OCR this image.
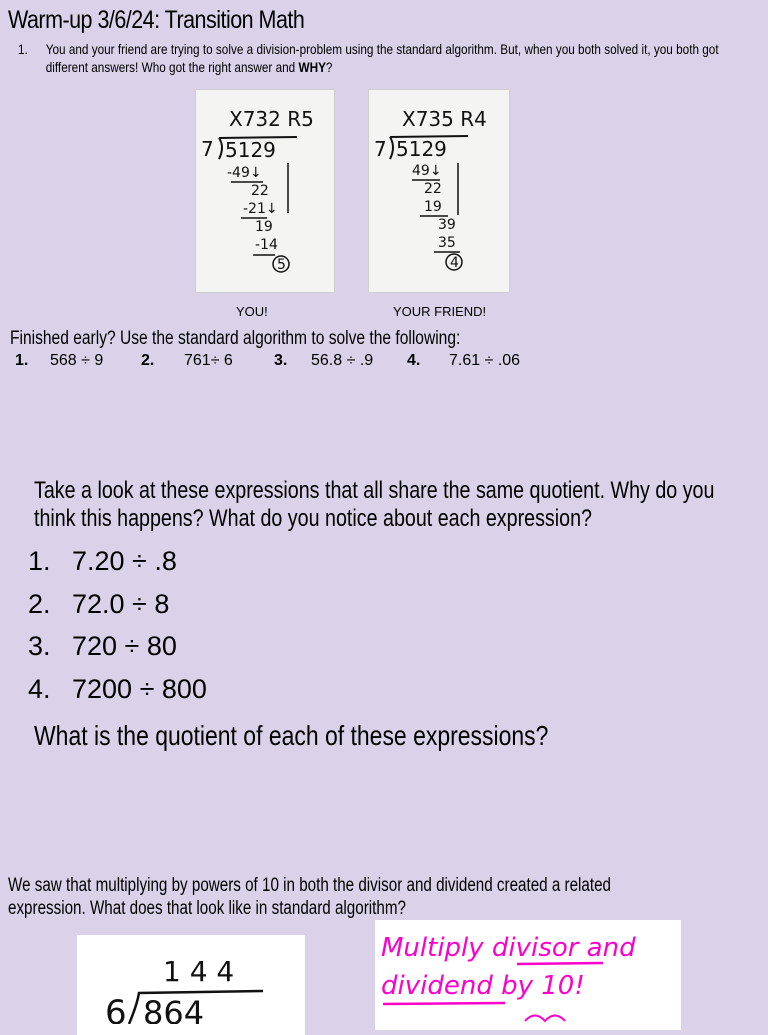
Warm-up 3/6/24: Transition Math
1. You and your friend are trying to solve a division-problem using the standard algorithm. But, when you both solved it, you both got different answers! Who got the right answer and WHY?
X732 R5
7 5129
-49↓
22
-21↓
19
-14
5
X735 R4
7 5129
49↓
22
19
39
35
4
YOU!	YOUR FRIEND!
Finished early? Use the standard algorithm to solve the following:
1. 568 ÷ 9 2. 761÷ 6	3. 56.8 ÷ .9 4. 7.61 ÷ .06
Take a look at these expressions that all share the same quotient. Why do you think this happens? What do you notice about each expression?
1. 7.20 ÷ .8
2. 72.0 ÷ 8
3. 720 ÷ 80
4. 7200 ÷ 800
What is the quotient of each of these expressions?
We saw that multiplying by powers of 10 in both the divisor and dividend created a related expression. What does that look like in standard algorithm?
1 4 4
6 864
Multiply divisor and
dividend by 10!
